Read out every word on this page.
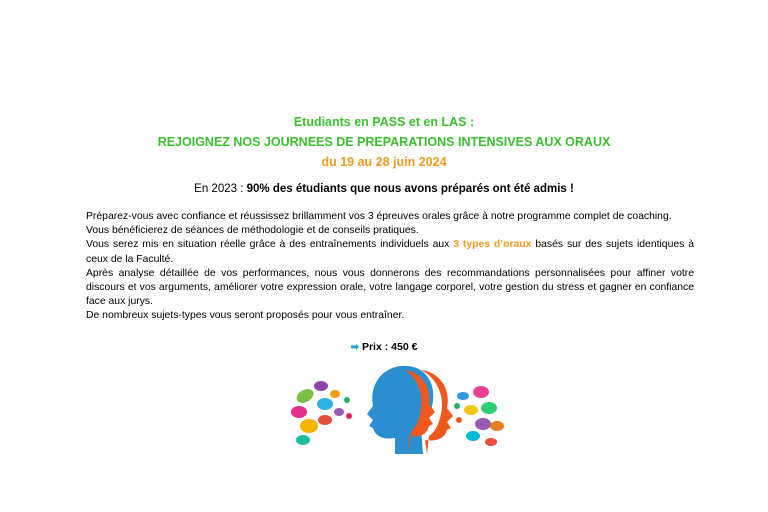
Etudiants en PASS et en LAS :
REJOIGNEZ NOS JOURNEES DE PREPARATIONS INTENSIVES AUX ORAUX
du 19 au 28 juin 2024
En 2023 : 90% des étudiants que nous avons préparés ont été admis !

Préparez-vous avec confiance et réussissez brillamment vos 3 épreuves orales grâce à notre programme complet de coaching.

Vous bénéficierez de séances de méthodologie et de conseils pratiques.

Vous serez mis en situation réelle grâce à des entraînements individuels aux 3 types d’oraux basés sur des sujets identiques à ceux de la Faculté.

Après analyse détaillée de vos performances, nous vous donnerons des recommandations personnalisées pour affiner votre discours et vos arguments, améliorer votre expression orale, votre langage corporel, votre gestion du stress et gagner en confiance face aux jurys.

De nombreux sujets-types vous seront proposés pour vous entraîner.

➡ Prix : 450 €
